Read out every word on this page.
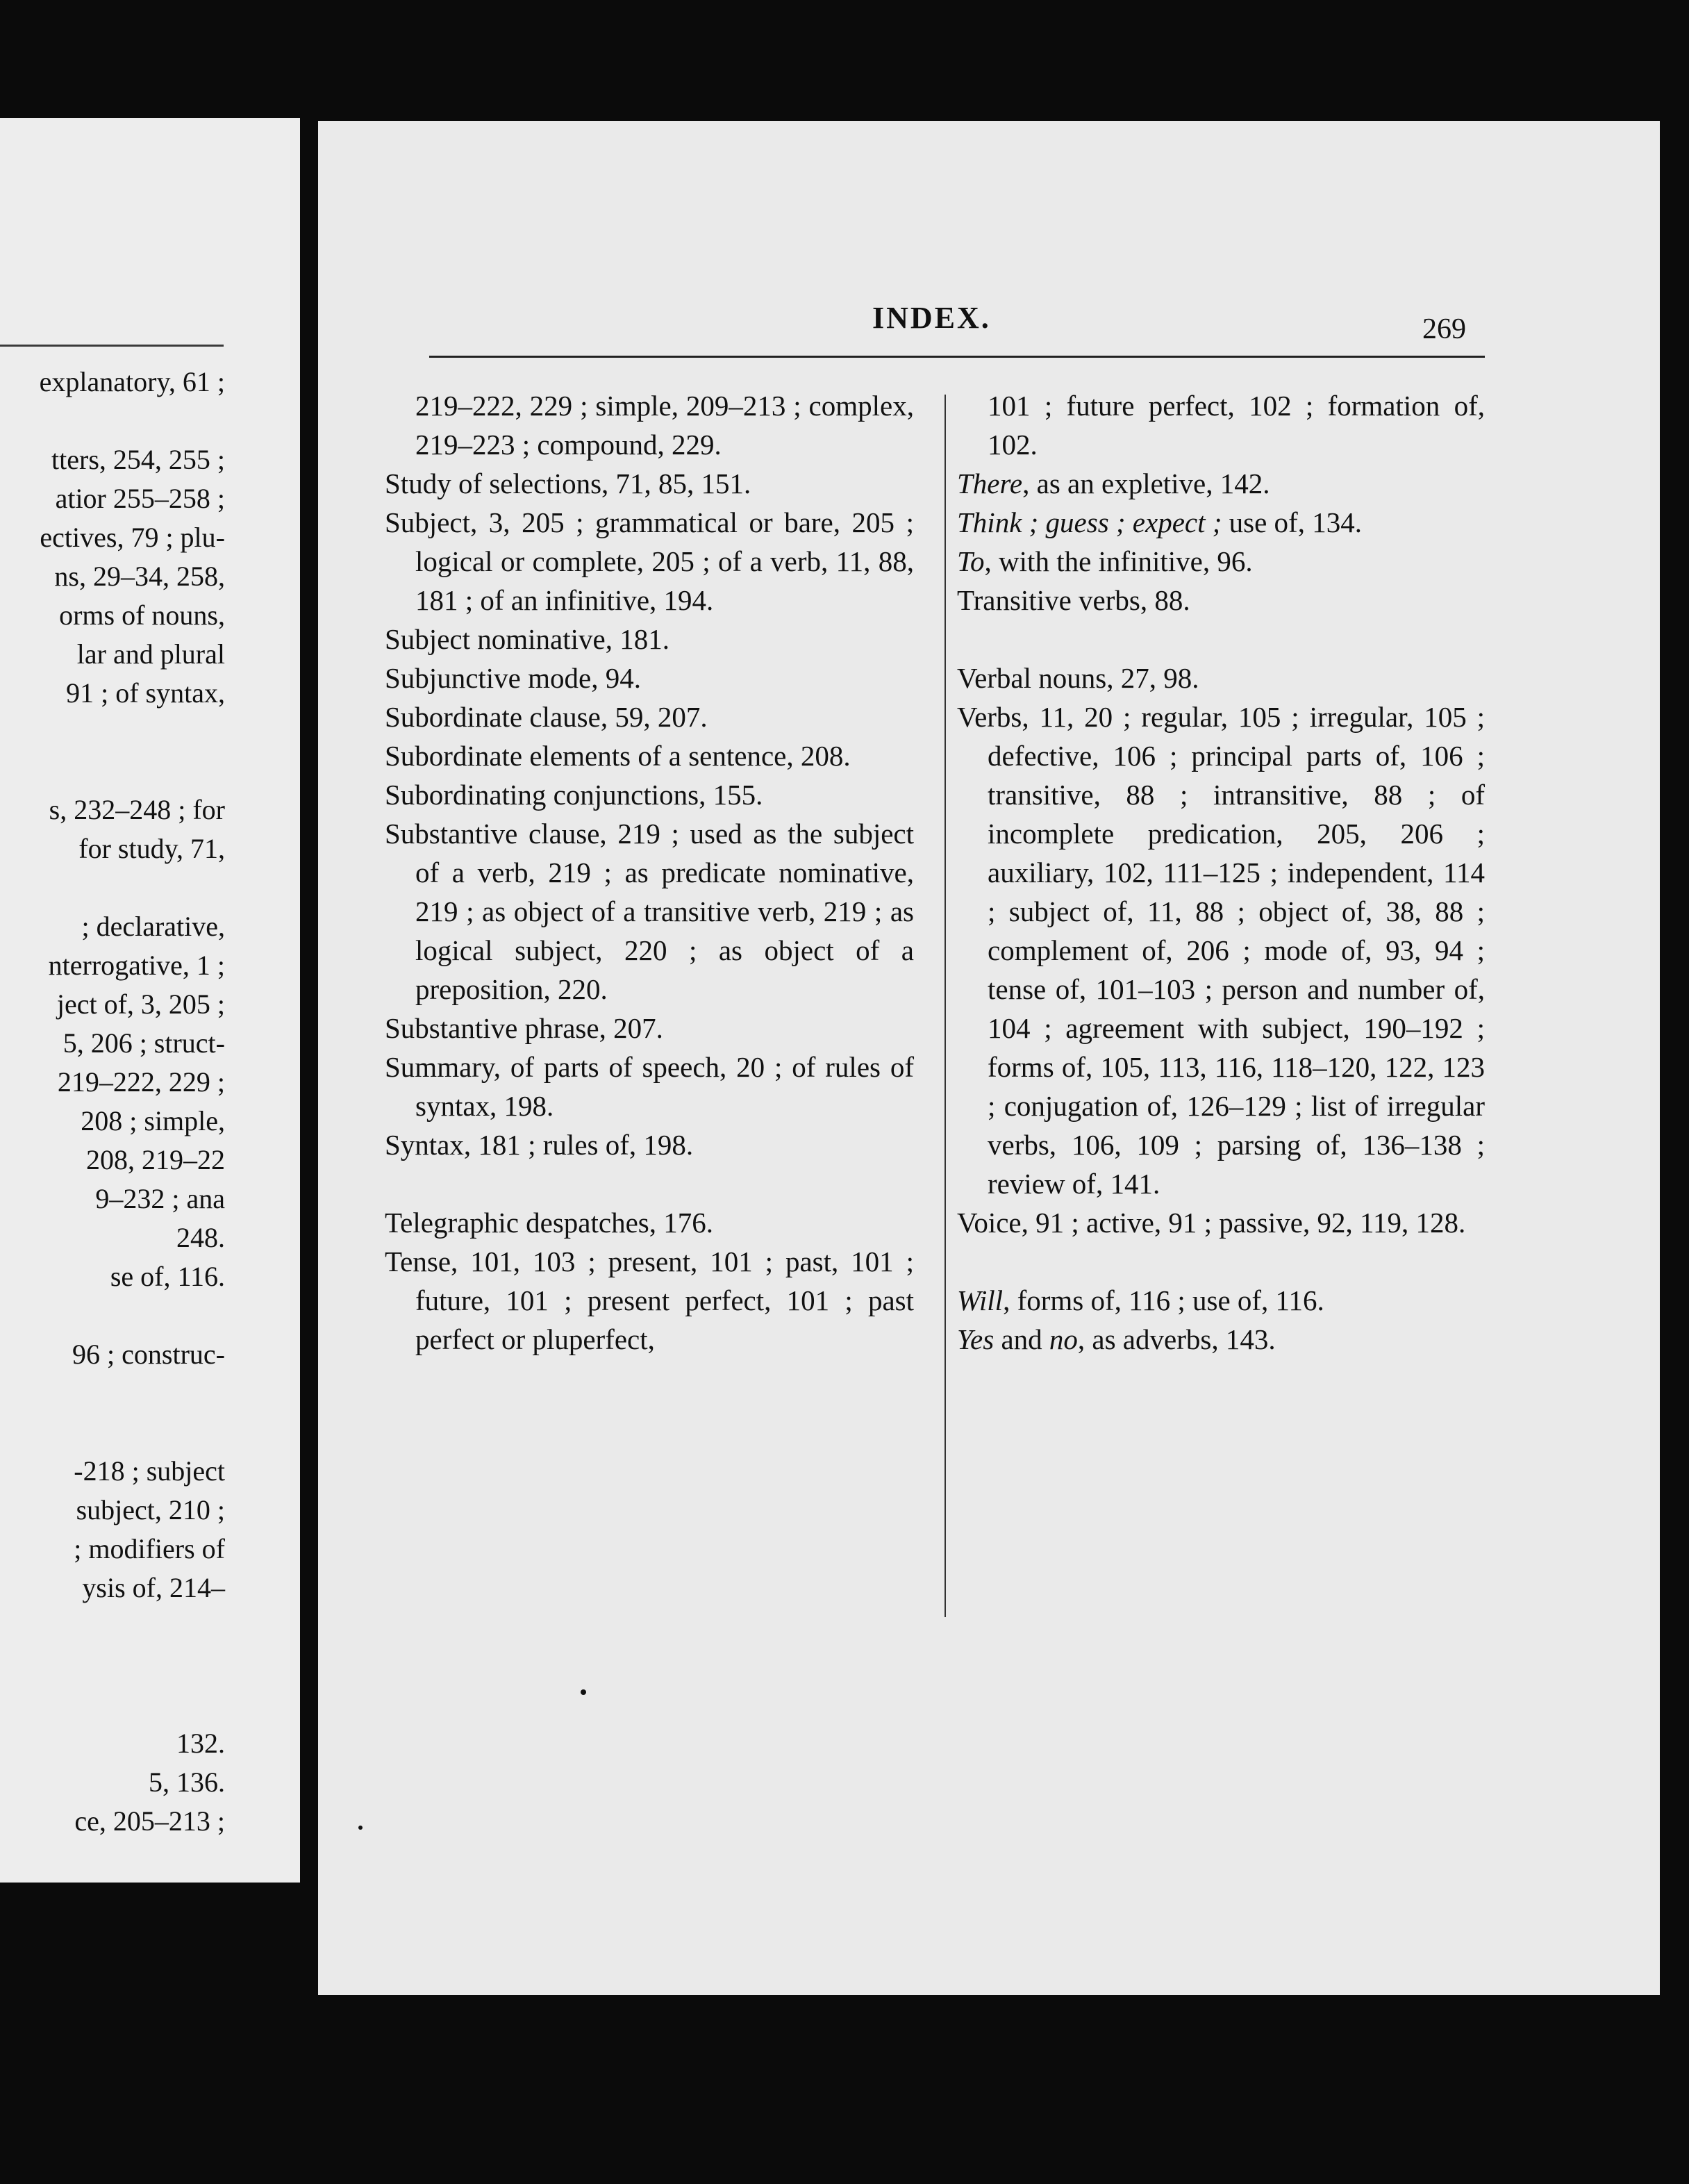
explanatory, 61 ;

tters, 254, 255 ;
atior 255–258 ;
ectives, 79 ; plu-
ns, 29–34, 258,
orms of nouns,
lar and plural
91 ; of syntax,

s, 232–248 ; for
for study, 71,

; declarative,
nterrogative, 1 ;
ject of, 3, 205 ;
5, 206 ; struct-
219–222, 229 ;
208 ; simple,
208, 219–22
9–232 ; ana
248.
se of, 116.

96 ; construc-

-218 ; subject
subject, 210 ;
; modifiers of
ysis of, 214–

132.
5, 136.
ce, 205–213 ;
INDEX.	269
219–222, 229 ; simple, 209–213 ; complex, 219–223 ; compound, 229.
Study of selections, 71, 85, 151.
Subject, 3, 205 ; grammatical or bare, 205 ; logical or complete, 205 ; of a verb, 11, 88, 181 ; of an infinitive, 194.
Subject nominative, 181.
Subjunctive mode, 94.
Subordinate clause, 59, 207.
Subordinate elements of a sentence, 208.
Subordinating conjunctions, 155.
Substantive clause, 219 ; used as the subject of a verb, 219 ; as predicate nominative, 219 ; as object of a transitive verb, 219 ; as logical subject, 220 ; as object of a preposition, 220.
Substantive phrase, 207.
Summary, of parts of speech, 20 ; of rules of syntax, 198.
Syntax, 181 ; rules of, 198.
Telegraphic despatches, 176.
Tense, 101, 103 ; present, 101 ; past, 101 ; future, 101 ; present perfect, 101 ; past perfect or pluperfect,
101 ; future perfect, 102 ; formation of, 102.
There, as an expletive, 142.
Think ; guess ; expect ; use of, 134.
To, with the infinitive, 96.
Transitive verbs, 88.
Verbal nouns, 27, 98.
Verbs, 11, 20 ; regular, 105 ; irregular, 105 ; defective, 106 ; principal parts of, 106 ; transitive, 88 ; intransitive, 88 ; of incomplete predication, 205, 206 ; auxiliary, 102, 111–125 ; independent, 114 ; subject of, 11, 88 ; object of, 38, 88 ; complement of, 206 ; mode of, 93, 94 ; tense of, 101–103 ; person and number of, 104 ; agreement with subject, 190–192 ; forms of, 105, 113, 116, 118–120, 122, 123 ; conjugation of, 126–129 ; list of irregular verbs, 106, 109 ; parsing of, 136–138 ; review of, 141.
Voice, 91 ; active, 91 ; passive, 92, 119, 128.
Will, forms of, 116 ; use of, 116.
Yes and no, as adverbs, 143.
